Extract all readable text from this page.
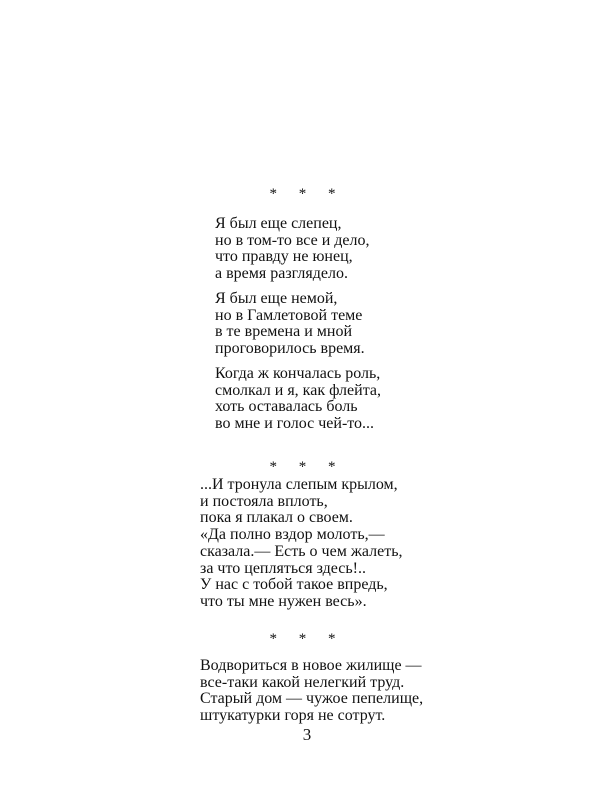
* * *
Я был еще слепец,
но в том-то все и дело,
что правду не юнец,
а время разглядело.
Я был еще немой,
но в Гамлетовой теме
в те времена и мной
проговорилось время.
Когда ж кончалась роль,
смолкал и я, как флейта,
хоть оставалась боль
во мне и голос чей-то...
* * *
...И тронула слепым крылом,
и постояла вплоть,
пока я плакал о своем.
«Да полно вздор молоть,—
сказала.— Есть о чем жалеть,
за что цепляться здесь!..
У нас с тобой такое впредь,
что ты мне нужен весь».
* * *
Водвориться в новое жилище —
все-таки какой нелегкий труд.
Старый дом — чужое пепелище,
штукатурки горя не сотрут.
3
